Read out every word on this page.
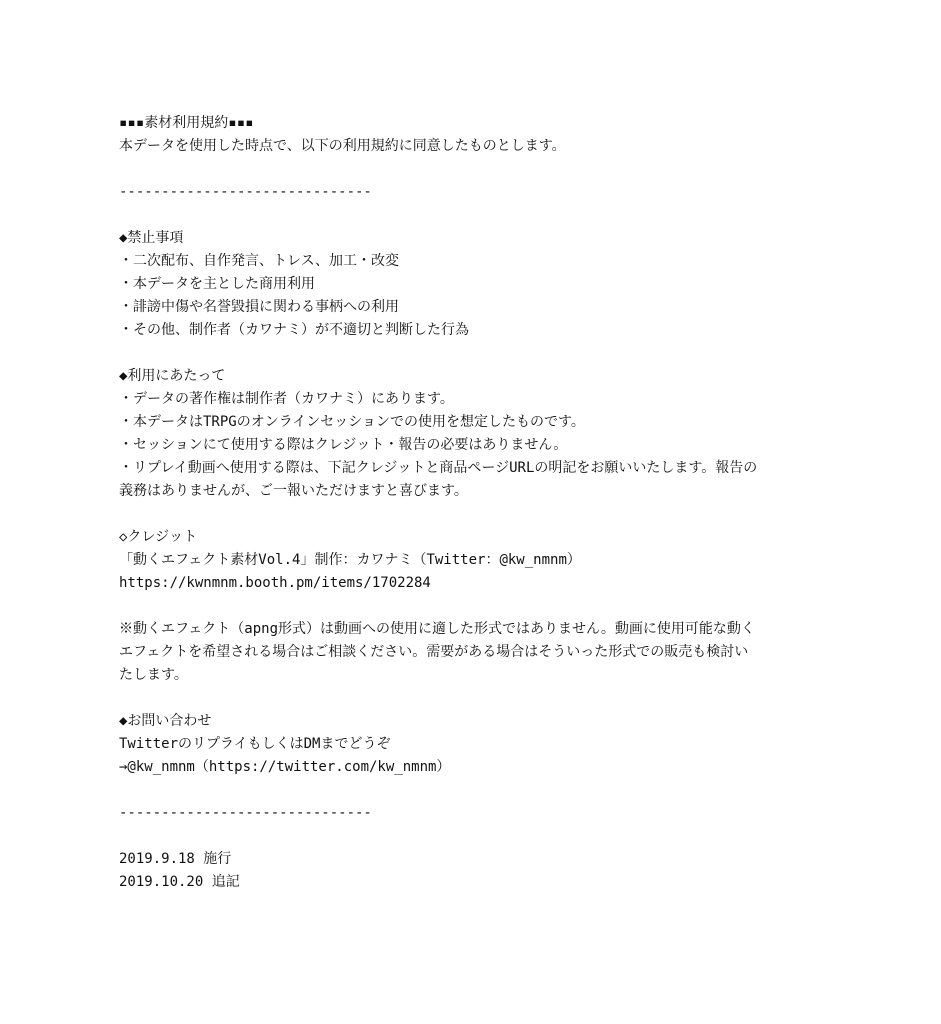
▪▪▪素材利用規約▪▪▪
本データを使用した時点で、以下の利用規約に同意したものとします。
------------------------------
◆禁止事項
・二次配布、自作発言、トレス、加工・改変
・本データを主とした商用利用
・誹謗中傷や名誉毀損に関わる事柄への利用
・その他、制作者（カワナミ）が不適切と判断した行為
◆利用にあたって
・データの著作権は制作者（カワナミ）にあります。
・本データはTRPGのオンラインセッションでの使用を想定したものです。
・セッションにて使用する際はクレジット・報告の必要はありません。
・リプレイ動画へ使用する際は、下記クレジットと商品ページURLの明記をお願いいたします。報告の
義務はありませんが、ご一報いただけますと喜びます。
◇クレジット
「動くエフェクト素材Vol.4」制作：カワナミ（Twitter：@kw_nmnm）
https://kwnmnm.booth.pm/items/1702284
※動くエフェクト（apng形式）は動画への使用に適した形式ではありません。動画に使用可能な動く
エフェクトを希望される場合はご相談ください。需要がある場合はそういった形式での販売も検討い
たします。
◆お問い合わせ
TwitterのリプライもしくはDMまでどうぞ
→@kw_nmnm（https://twitter.com/kw_nmnm）
------------------------------
2019.9.18 施行
2019.10.20 追記
